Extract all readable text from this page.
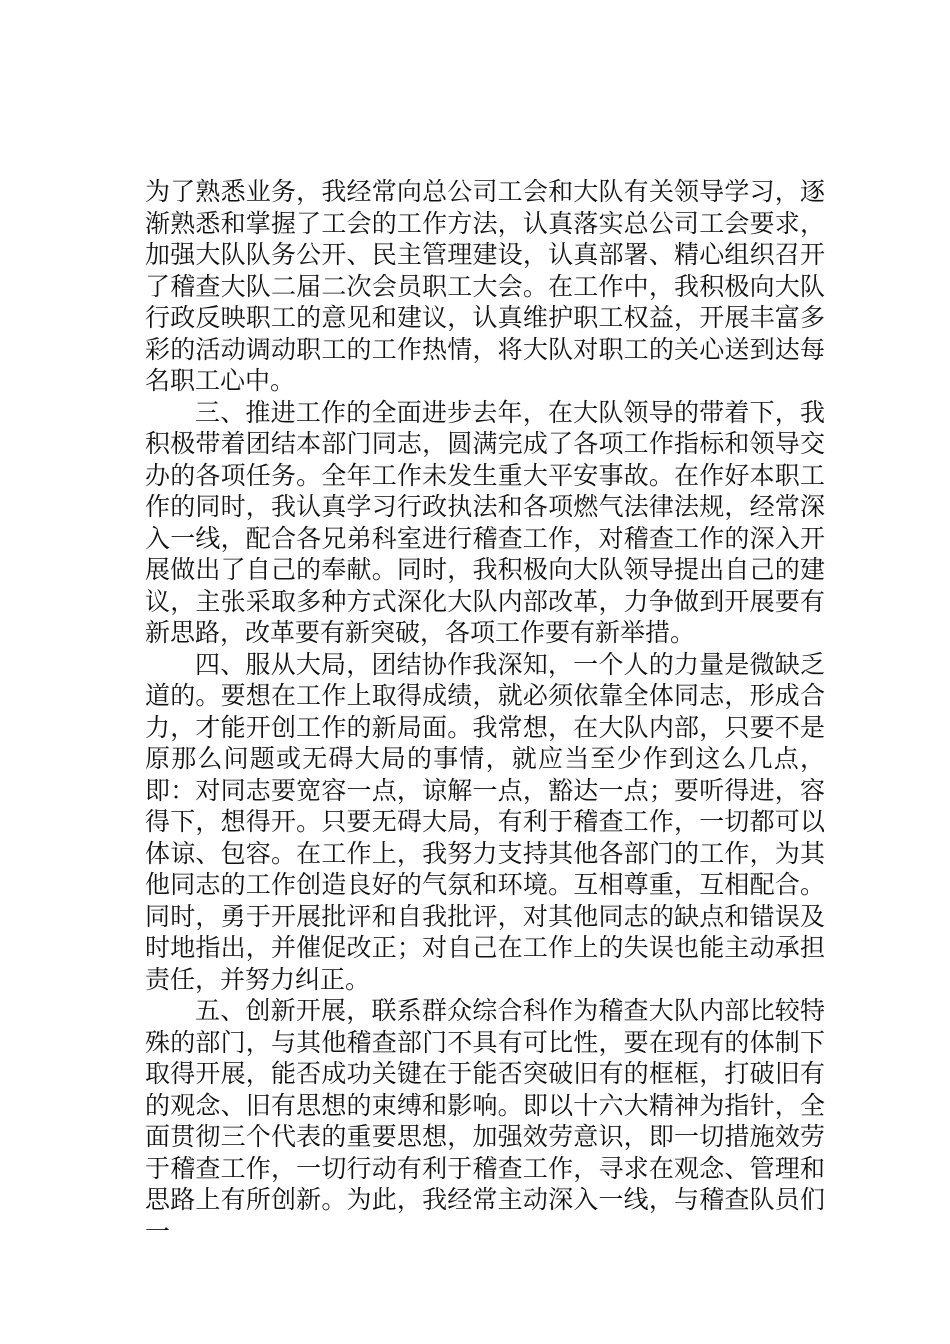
为了熟悉业务，我经常向总公司工会和大队有关领导学习，逐渐熟悉和掌握了工会的工作方法，认真落实总公司工会要求，加强大队队务公开、民主管理建设，认真部署、精心组织召开了稽查大队二届二次会员职工大会。在工作中，我积极向大队行政反映职工的意见和建议，认真维护职工权益，开展丰富多彩的活动调动职工的工作热情，将大队对职工的关心送到达每名职工心中。

三、推进工作的全面进步去年，在大队领导的带着下，我积极带着团结本部门同志，圆满完成了各项工作指标和领导交办的各项任务。全年工作未发生重大平安事故。在作好本职工作的同时，我认真学习行政执法和各项燃气法律法规，经常深入一线，配合各兄弟科室进行稽查工作，对稽查工作的深入开展做出了自己的奉献。同时，我积极向大队领导提出自己的建议，主张采取多种方式深化大队内部改革，力争做到开展要有新思路，改革要有新突破，各项工作要有新举措。

四、服从大局，团结协作我深知，一个人的力量是微缺乏道的。要想在工作上取得成绩，就必须依靠全体同志，形成合力，才能开创工作的新局面。我常想，在大队内部，只要不是原那么问题或无碍大局的事情，就应当至少作到这么几点，即：对同志要宽容一点，谅解一点，豁达一点；要听得进，容得下，想得开。只要无碍大局，有利于稽查工作，一切都可以体谅、包容。在工作上，我努力支持其他各部门的工作，为其他同志的工作创造良好的气氛和环境。互相尊重，互相配合。同时，勇于开展批评和自我批评，对其他同志的缺点和错误及时地指出，并催促改正；对自己在工作上的失误也能主动承担责任，并努力纠正。

五、创新开展，联系群众综合科作为稽查大队内部比较特殊的部门，与其他稽查部门不具有可比性，要在现有的体制下取得开展，能否成功关键在于能否突破旧有的框框，打破旧有的观念、旧有思想的束缚和影响。即以十六大精神为指针，全面贯彻三个代表的重要思想，加强效劳意识，即一切措施效劳于稽查工作，一切行动有利于稽查工作，寻求在观念、管理和思路上有所创新。为此，我经常主动深入一线，与稽查队员们一
